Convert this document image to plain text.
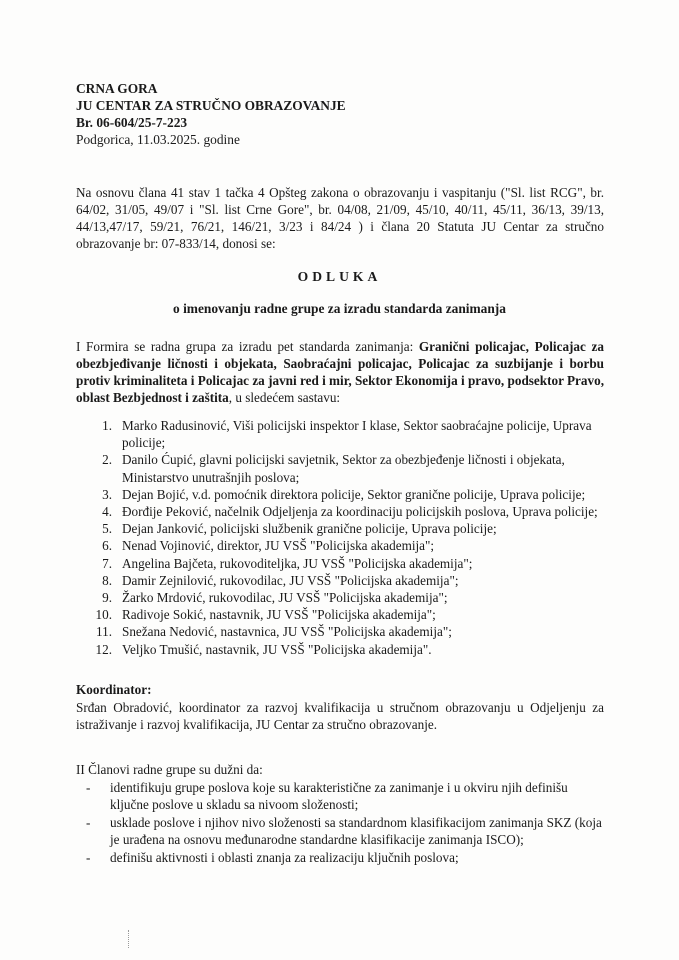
CRNA GORA
JU CENTAR ZA STRUČNO OBRAZOVANJE
Br. 06-604/25-7-223
Podgorica, 11.03.2025. godine

Na osnovu člana 41 stav 1 tačka 4 Opšteg zakona o obrazovanju i vaspitanju ("Sl. list RCG", br. 64/02, 31/05, 49/07 i "Sl. list Crne Gore", br. 04/08, 21/09, 45/10, 40/11, 45/11, 36/13, 39/13, 44/13,47/17, 59/21, 76/21, 146/21, 3/23 i 84/24 ) i člana 20 Statuta JU Centar za stručno obrazovanje br: 07-833/14, donosi se:

ODLUKA
o imenovanju radne grupe za izradu standarda zanimanja

I Formira se radna grupa za izradu pet standarda zanimanja: Granični policajac, Policajac za obezbjeđivanje ličnosti i objekata, Saobraćajni policajac, Policajac za suzbijanje i borbu protiv kriminaliteta i Policajac za javni red i mir, Sektor Ekonomija i pravo, podsektor Pravo, oblast Bezbjednost i zaštita, u sledećem sastavu:

1. Marko Radusinović, Viši policijski inspektor I klase, Sektor saobraćajne policije, Uprava policije;
2. Danilo Ćupić, glavni policijski savjetnik, Sektor za obezbjeđenje ličnosti i objekata, Ministarstvo unutrašnjih poslova;
3. Dejan Bojić, v.d. pomoćnik direktora policije, Sektor granične policije, Uprava policije;
4. Đorđije Peković, načelnik Odjeljenja za koordinaciju policijskih poslova, Uprava policije;
5. Dejan Janković, policijski službenik granične policije, Uprava policije;
6. Nenad Vojinović, direktor, JU VSŠ "Policijska akademija";
7. Angelina Bajčeta, rukovoditeljka, JU VSŠ "Policijska akademija";
8. Damir Zejnilović, rukovodilac, JU VSŠ "Policijska akademija";
9. Žarko Mrdović, rukovodilac, JU VSŠ "Policijska akademija";
10. Radivoje Sokić, nastavnik, JU VSŠ "Policijska akademija";
11. Snežana Nedović, nastavnica, JU VSŠ "Policijska akademija";
12. Veljko Tmušić, nastavnik, JU VSŠ "Policijska akademija".
Koordinator:

Srđan Obradović, koordinator za razvoj kvalifikacija u stručnom obrazovanju u Odjeljenju za istraživanje i razvoj kvalifikacija, JU Centar za stručno obrazovanje.

II Članovi radne grupe su dužni da:
-	identifikuju grupe poslova koje su karakteristične za zanimanje i u okviru njih definišu ključne poslove u skladu sa nivoom složenosti;
-	usklade poslove i njihov nivo složenosti sa standardnom klasifikacijom zanimanja SKZ (koja je urađena na osnovu međunarodne standardne klasifikacije zanimanja ISCO);
-	definišu aktivnosti i oblasti znanja za realizaciju ključnih poslova;
